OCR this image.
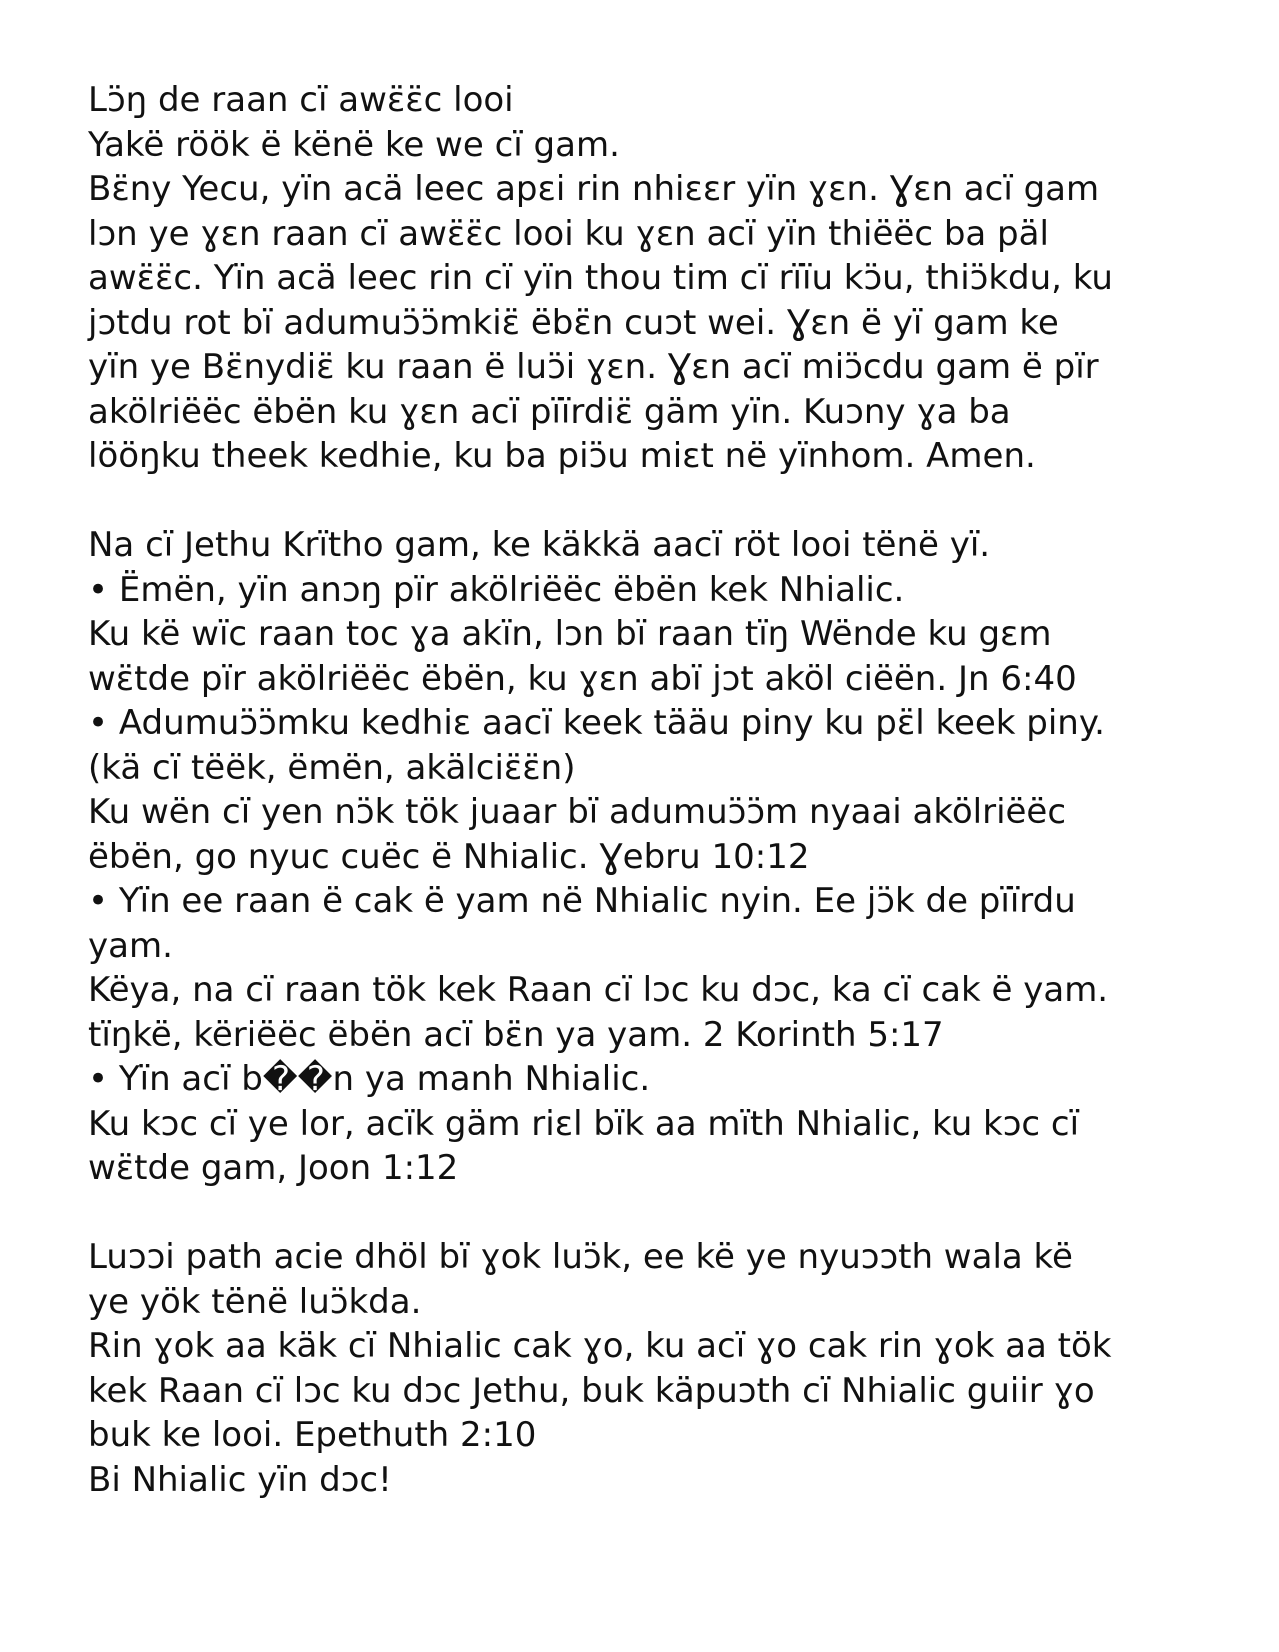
Lɔ̈ŋ de raan cï awɛ̈ɛ̈c looi
Yakë röök ë kënë ke we cï gam.
Bɛ̈ny Yecu, yïn acä leec apɛi rin nhiɛɛr yïn ɣɛn. Ɣɛn acï gam
lɔn ye ɣɛn raan cï awɛ̈ɛ̈c looi ku ɣɛn acï yïn thiëëc ba päl
awɛ̈ɛ̈c. Yïn acä leec rin cï yïn thou tim cï rïïu kɔ̈u, thiɔ̈kdu, ku
jɔtdu rot bï adumuɔ̈ɔ̈mkiɛ̈ ëbɛ̈n cuɔt wei. Ɣɛn ë yï gam ke
yïn ye Bɛ̈nydiɛ̈ ku raan ë luɔ̈i ɣɛn. Ɣɛn acï miɔ̈cdu gam ë pïr
akölriëëc ëbën ku ɣɛn acï pïïrdiɛ̈ gäm yïn. Kuɔny ɣa ba
lööŋku theek kedhie, ku ba piɔ̈u miɛt në yïnhom. Amen.

Na cï Jethu Krïtho gam, ke käkkä aacï röt looi tënë yï.
• Ëmën, yïn anɔŋ pïr akölriëëc ëbën kek Nhialic.
Ku kë wïc raan toc ɣa akïn, lɔn bï raan tïŋ Wënde ku gɛm
wɛ̈tde pïr akölriëëc ëbën, ku ɣɛn abï jɔt aköl ciëën. Jn 6:40
• Adumuɔ̈ɔ̈mku kedhiɛ aacï keek tääu piny ku pɛ̈l keek piny.
(kä cï tëëk, ëmën, akälciɛ̈ɛ̈n)
Ku wën cï yen nɔ̈k tök juaar bï adumuɔ̈ɔ̈m nyaai akölriëëc
ëbën, go nyuc cuëc ë Nhialic. Ɣebru 10:12
• Yïn ee raan ë cak ë yam në Nhialic nyin. Ee jɔ̈k de pïïrdu
yam.
Këya, na cï raan tök kek Raan cï lɔc ku dɔc, ka cï cak ë yam.
tïŋkë, këriëëc ëbën acï bɛ̈n ya yam. 2 Korinth 5:17
• Yïn acï b��n ya manh Nhialic.
Ku kɔc cï ye lor, acïk gäm riɛl bïk aa mïth Nhialic, ku kɔc cï
wɛ̈tde gam, Joon 1:12

Luɔɔi path acie dhöl bï ɣok luɔ̈k, ee kë ye nyuɔɔth wala kë
ye yök tënë luɔ̈kda.
Rin ɣok aa käk cï Nhialic cak ɣo, ku acï ɣo cak rin ɣok aa tök
kek Raan cï lɔc ku dɔc Jethu, buk käpuɔth cï Nhialic guiir ɣo
buk ke looi. Epethuth 2:10
Bi Nhialic yïn dɔc!
